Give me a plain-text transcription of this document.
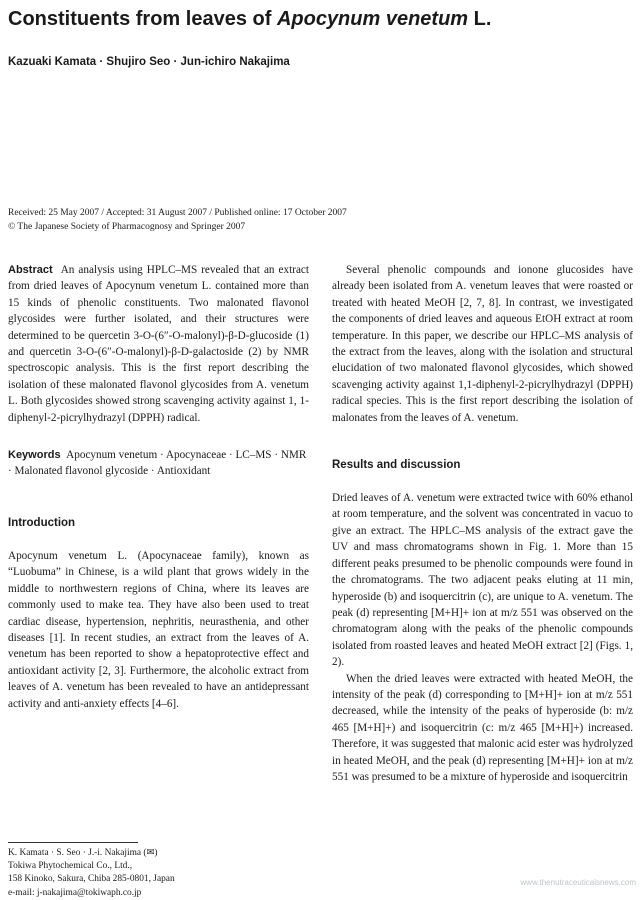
Constituents from leaves of Apocynum venetum L.
Kazuaki Kamata · Shujiro Seo · Jun-ichiro Nakajima
Received: 25 May 2007 / Accepted: 31 August 2007 / Published online: 17 October 2007
© The Japanese Society of Pharmacognosy and Springer 2007

Abstract An analysis using HPLC–MS revealed that an extract from dried leaves of Apocynum venetum L. contained more than 15 kinds of phenolic constituents. Two malonated flavonol glycosides were further isolated, and their structures were determined to be quercetin 3-O-(6″-O-malonyl)-β-D-glucoside (1) and quercetin 3-O-(6″-O-malonyl)-β-D-galactoside (2) by NMR spectroscopic analysis. This is the first report describing the isolation of these malonated flavonol glycosides from A. venetum L. Both glycosides showed strong scavenging activity against 1, 1-diphenyl-2-picrylhydrazyl (DPPH) radical.

Keywords Apocynum venetum · Apocynaceae · LC–MS · NMR · Malonated flavonol glycoside · Antioxidant

Introduction

Apocynum venetum L. (Apocynaceae family), known as “Luobuma” in Chinese, is a wild plant that grows widely in the middle to northwestern regions of China, where its leaves are commonly used to make tea. They have also been used to treat cardiac disease, hypertension, nephritis, neurasthenia, and other diseases [1]. In recent studies, an extract from the leaves of A. venetum has been reported to show a hepatoprotective effect and antioxidant activity [2, 3]. Furthermore, the alcoholic extract from leaves of A. venetum has been revealed to have an antidepressant activity and anti-anxiety effects [4–6].

Several phenolic compounds and ionone glucosides have already been isolated from A. venetum leaves that were roasted or treated with heated MeOH [2, 7, 8]. In contrast, we investigated the components of dried leaves and aqueous EtOH extract at room temperature. In this paper, we describe our HPLC–MS analysis of the extract from the leaves, along with the isolation and structural elucidation of two malonated flavonol glycosides, which showed scavenging activity against 1,1-diphenyl-2-picrylhydrazyl (DPPH) radical species. This is the first report describing the isolation of malonates from the leaves of A. venetum.

Results and discussion

Dried leaves of A. venetum were extracted twice with 60% ethanol at room temperature, and the solvent was concentrated in vacuo to give an extract. The HPLC–MS analysis of the extract gave the UV and mass chromatograms shown in Fig. 1. More than 15 different peaks presumed to be phenolic compounds were found in the chromatograms. The two adjacent peaks eluting at 11 min, hyperoside (b) and isoquercitrin (c), are unique to A. venetum. The peak (d) representing [M+H]+ ion at m/z 551 was observed on the chromatogram along with the peaks of the phenolic compounds isolated from roasted leaves and heated MeOH extract [2] (Figs. 1, 2).

When the dried leaves were extracted with heated MeOH, the intensity of the peak (d) corresponding to [M+H]+ ion at m/z 551 decreased, while the intensity of the peaks of hyperoside (b: m/z 465 [M+H]+) and isoquercitrin (c: m/z 465 [M+H]+) increased. Therefore, it was suggested that malonic acid ester was hydrolyzed in heated MeOH, and the peak (d) representing [M+H]+ ion at m/z 551 was presumed to be a mixture of hyperoside and isoquercitrin

K. Kamata · S. Seo · J.-i. Nakajima (✉)
Tokiwa Phytochemical Co., Ltd.,
158 Kinoko, Sakura, Chiba 285-0801, Japan
e-mail: j-nakajima@tokiwaph.co.jp
www.thenutraceuticalsnews.com
